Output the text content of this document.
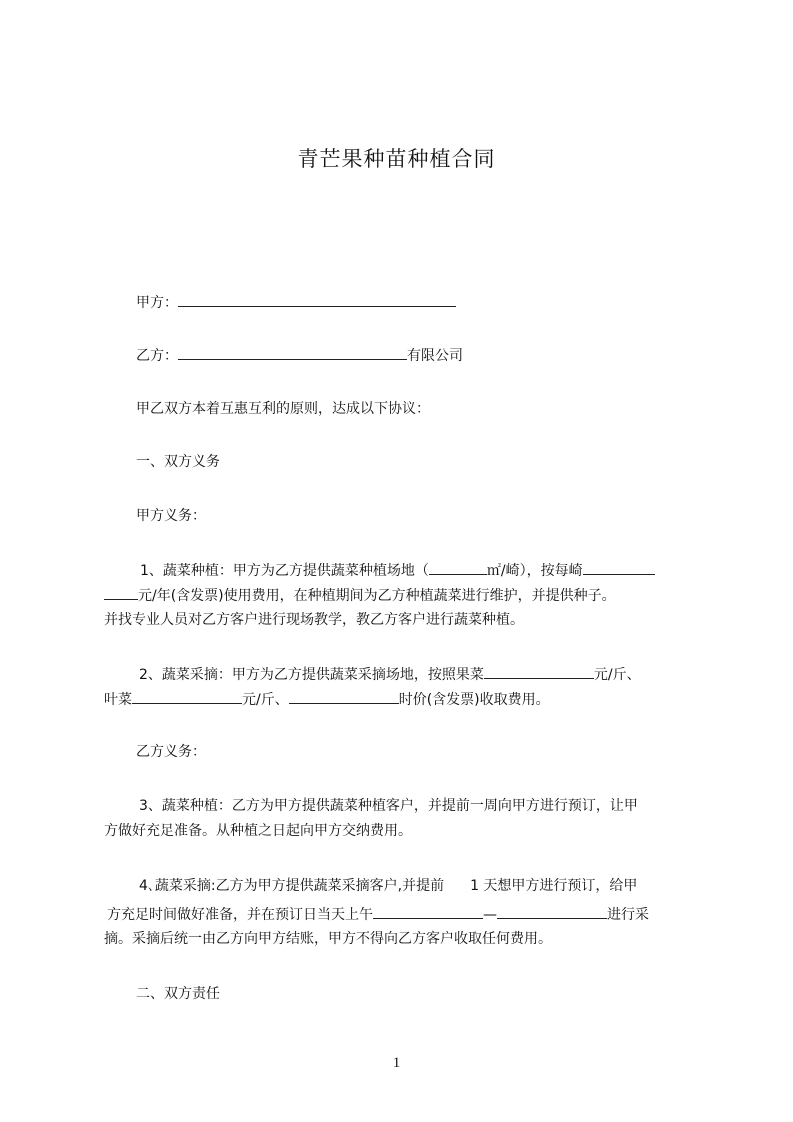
青芒果种苗种植合同
甲方：
乙方：	有限公司
甲乙双方本着互惠互利的原则，达成以下协议：
一、双方义务
甲方义务：
1、蔬菜种植：甲方为乙方提供蔬菜种植场地（	㎡/崎），按每崎
元/年(含发票)使用费用，在种植期间为乙方种植蔬菜进行维护，并提供种子。
并找专业人员对乙方客户进行现场教学，教乙方客户进行蔬菜种植。
2、蔬菜采摘：甲方为乙方提供蔬菜采摘场地，按照果菜	元/斤、
叶菜	元/斤、	时价(含发票)收取费用。
乙方义务：
3、蔬菜种植：乙方为甲方提供蔬菜种植客户，并提前一周向甲方进行预订，让甲
方做好充足准备。从种植之日起向甲方交纳费用。
4､蔬菜采摘:乙方为甲方提供蔬菜采摘客户,并提前 1 天想甲方进行预订，给甲
方充足时间做好准备，并在预订日当天上午	—	进行采
摘。采摘后统一由乙方向甲方结账，甲方不得向乙方客户收取任何费用。
二、双方责任
1
